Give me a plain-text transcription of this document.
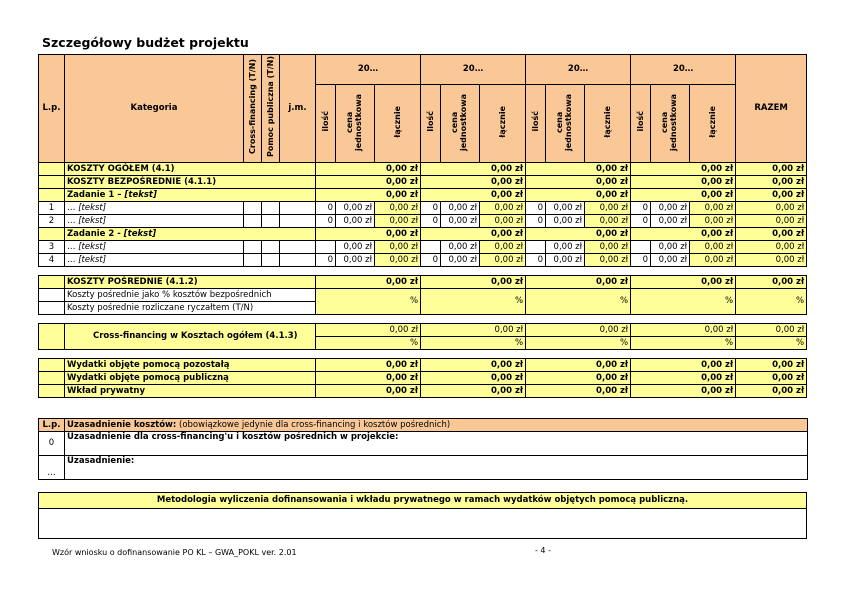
Szczegółowy budżet projektu
L.p.	Kategoria	Cross-financing (T/N)	Pomoc publiczna (T/N)	j.m.	20…			20…			20…			20…			RAZEM
					ilość	cena jednostkowa	łącznie	Ilość	cena jednostkowa	łącznie	ilość	cena jednostkowa	łącznie	ilość	cena jednostkowa	łącznie	
	KOSZTY OGÓŁEM (4.1)				0,00 zł			0,00 zł			0,00 zł			0,00 zł			0,00 zł
	KOSZTY BEZPOŚREDNIE (4.1.1)				0,00 zł			0,00 zł			0,00 zł			0,00 zł			0,00 zł
	Zadanie 1 – [tekst]				0,00 zł			0,00 zł			0,00 zł			0,00 zł			0,00 zł
1	… [tekst]				0	0,00 zł	0,00 zł	0	0,00 zł	0,00 zł	0	0,00 zł	0,00 zł	0	0,00 zł	0,00 zł	0,00 zł
2	… [tekst]				0	0,00 zł	0,00 zł	0	0,00 zł	0,00 zł	0	0,00 zł	0,00 zł	0	0,00 zł	0,00 zł	0,00 zł
	Zadanie 2 - [tekst]				0,00 zł			0,00 zł			0,00 zł			0,00 zł			0,00 zł
3	… [tekst]					0,00 zł	0,00 zł		0,00 zł	0,00 zł		0,00 zł	0,00 zł		0,00 zł	0,00 zł	0,00 zł
4	… [tekst]				0	0,00 zł	0,00 zł	0	0,00 zł	0,00 zł	0	0,00 zł	0,00 zł	0	0,00 zł	0,00 zł	0,00 zł

	KOSZTY POŚREDNIE (4.1.2)				0,00 zł			0,00 zł			0,00 zł			0,00 zł			0,00 zł
	Koszty pośrednie jako % kosztów bezpośrednich				%			%			%			%			%
	Koszty pośrednie rozliczane ryczałtem (T/N)																

	Cross-financing w Kosztach ogółem (4.1.3)				0,00 zł			0,00 zł			0,00 zł			0,00 zł			0,00 zł
					%			%			%			%			%

	Wydatki objęte pomocą pozostałą				0,00 zł			0,00 zł			0,00 zł			0,00 zł			0,00 zł
	Wydatki objęte pomocą publiczną				0,00 zł			0,00 zł			0,00 zł			0,00 zł			0,00 zł
	Wkład prywatny				0,00 zł			0,00 zł			0,00 zł			0,00 zł			0,00 zł
L.p.	Uzasadnienie kosztów: (obowiązkowe jedynie dla cross-financing i kosztów pośrednich)
0	Uzasadnienie dla cross-financing'u i kosztów pośrednich w projekcie:
…	Uzasadnienie:
Metodologia wyliczenia dofinansowania i wkładu prywatnego w ramach wydatków objętych pomocą publiczną.

Wzór wniosku o dofinansowanie PO KL – GWA_POKL ver. 2.01	- 4 -
